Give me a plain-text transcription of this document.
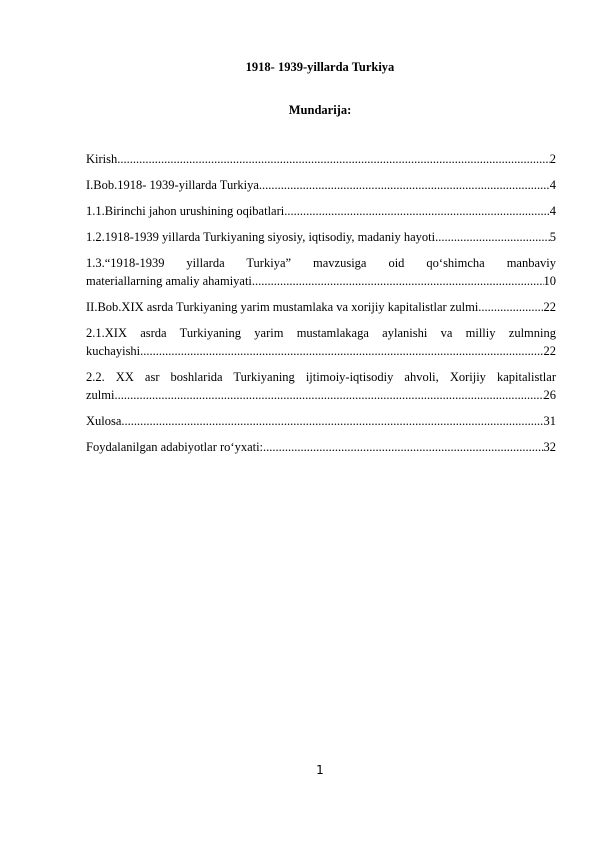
1918- 1939-yillarda Turkiya
Mundarija:
Kirish .....	2
I.Bob.1918- 1939-yillarda Turkiya .....	4
1.1.Birinchi jahon urushining oqibatlari .....	4
1.2.1918-1939 yillarda Turkiyaning siyosiy, iqtisodiy, madaniy hayoti .....	5
1.3.“1918-1939 yillarda Turkiya” mavzusiga oid qo‘shimcha manbaviy
materiallarning amaliy ahamiyati .....	10
II.Bob.XIX asrda Turkiyaning yarim mustamlaka va xorijiy kapitalistlar zulmi. .....	22
2.1.XIX asrda Turkiyaning yarim mustamlakaga aylanishi va milliy zulmning
kuchayishi .....	22
2.2. XX asr boshlarida Turkiyaning ijtimoiy-iqtisodiy ahvoli, Xorijiy kapitalistlar
zulmi .....	26
Xulosa .....	31
Foydalanilgan adabiyotlar ro‘yxati: .....	32
1
